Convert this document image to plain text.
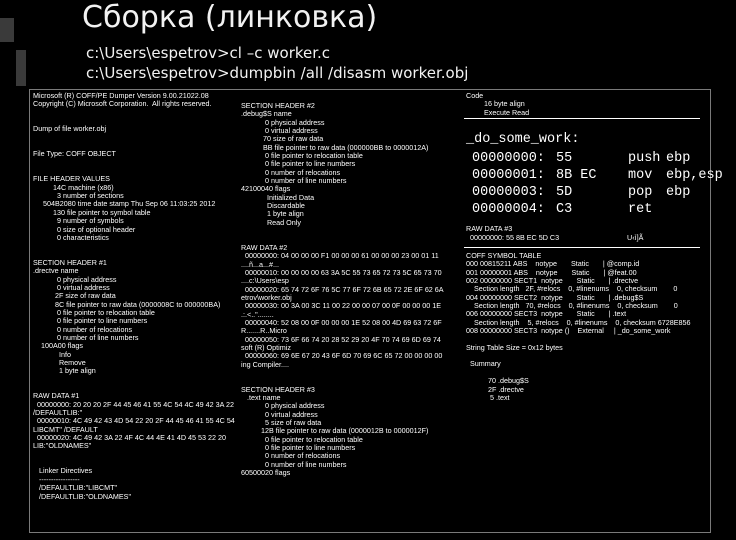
Сборка (линковка)
c:\Users\espetrov>cl –c worker.c
c:\Users\espetrov>dumpbin /all /disasm worker.obj
Microsoft (R) COFF/PE Dumper Version 9.00.21022.08
Copyright (C) Microsoft Corporation.  All rights reserved.
Dump of file worker.obj
File Type: COFF OBJECT
FILE HEADER VALUES
14C machine (x86)
3 number of sections
504B2080 time date stamp Thu Sep 06 11:03:25 2012
130 file pointer to symbol table
9 number of symbols
0 size of optional header
0 characteristics
SECTION HEADER #1
.drectve name
0 physical address
0 virtual address
2F size of raw data
8C file pointer to raw data (0000008C to 000000BA)
0 file pointer to relocation table
0 file pointer to line numbers
0 number of relocations
0 number of line numbers
100A00 flags
Info
Remove
1 byte align
RAW DATA #1
00000000: 20 20 20 2F 44 45 46 41 55 4C 54 4C 49 42 3A 22
/DEFAULTLIB:"
00000010: 4C 49 42 43 4D 54 22 20 2F 44 45 46 41 55 4C 54
LIBCMT" /DEFAULT
00000020: 4C 49 42 3A 22 4F 4C 44 4E 41 4D 45 53 22 20
LIB:"OLDNAMES"
Linker Directives
-----------------
/DEFAULTLIB:"LIBCMT"
/DEFAULTLIB:"OLDNAMES"
SECTION HEADER #2
.debug$S name
0 physical address
0 virtual address
70 size of raw data
BB file pointer to raw data (000000BB to 0000012A)
0 file pointer to relocation table
0 file pointer to line numbers
0 number of relocations
0 number of line numbers
42100040 flags
Initialized Data
Discardable
1 byte align
Read Only
RAW DATA #2
00000000: 04 00 00 00 F1 00 00 00 61 00 00 00 23 00 01 11
....ñ...a...#...
00000010: 00 00 00 00 63 3A 5C 55 73 65 72 73 5C 65 73 70
....c:\Users\esp
00000020: 65 74 72 6F 76 5C 77 6F 72 6B 65 72 2E 6F 62 6A
etrov\worker.obj
00000030: 00 3A 00 3C 11 00 22 00 00 07 00 0F 00 00 00 1E
.:.<.."........
00000040: 52 08 00 0F 00 00 00 1E 52 08 00 4D 69 63 72 6F
R.......R..Micro
00000050: 73 6F 66 74 20 28 52 29 20 4F 70 74 69 6D 69 74
soft (R) Optimiz
00000060: 69 6E 67 20 43 6F 6D 70 69 6C 65 72 00 00 00 00
ing Compiler....
SECTION HEADER #3
.text name
0 physical address
0 virtual address
5 size of raw data
12B file pointer to raw data (0000012B to 0000012F)
0 file pointer to relocation table
0 file pointer to line numbers
0 number of relocations
0 number of line numbers
60500020 flags
Code
16 byte align
Execute Read
_do_some_work:
00000000: 55	push ebp
00000001: 8B EC	mov	ebp,esp
00000003: 5D	pop	ebp
00000004: C3	ret
RAW DATA #3
00000000: 55 8B EC 5D C3	U‹ì]Ã
COFF SYMBOL TABLE
000 00815211 ABS    notype       Static       | @comp.id
001 00000001 ABS    notype       Static       | @feat.00
002 00000000 SECT1  notype       Static       | .drectve
Section length   2F, #relocs    0, #linenums    0, checksum        0
004 00000000 SECT2  notype       Static       | .debug$S
Section length   70, #relocs    0, #linenums    0, checksum        0
006 00000000 SECT3  notype       Static       | .text
Section length    5, #relocs    0, #linenums    0, checksum 6728E856
008 00000000 SECT3  notype ()    External     | _do_some_work
String Table Size = 0x12 bytes
Summary
70 .debug$S
2F .drectve
5 .text
